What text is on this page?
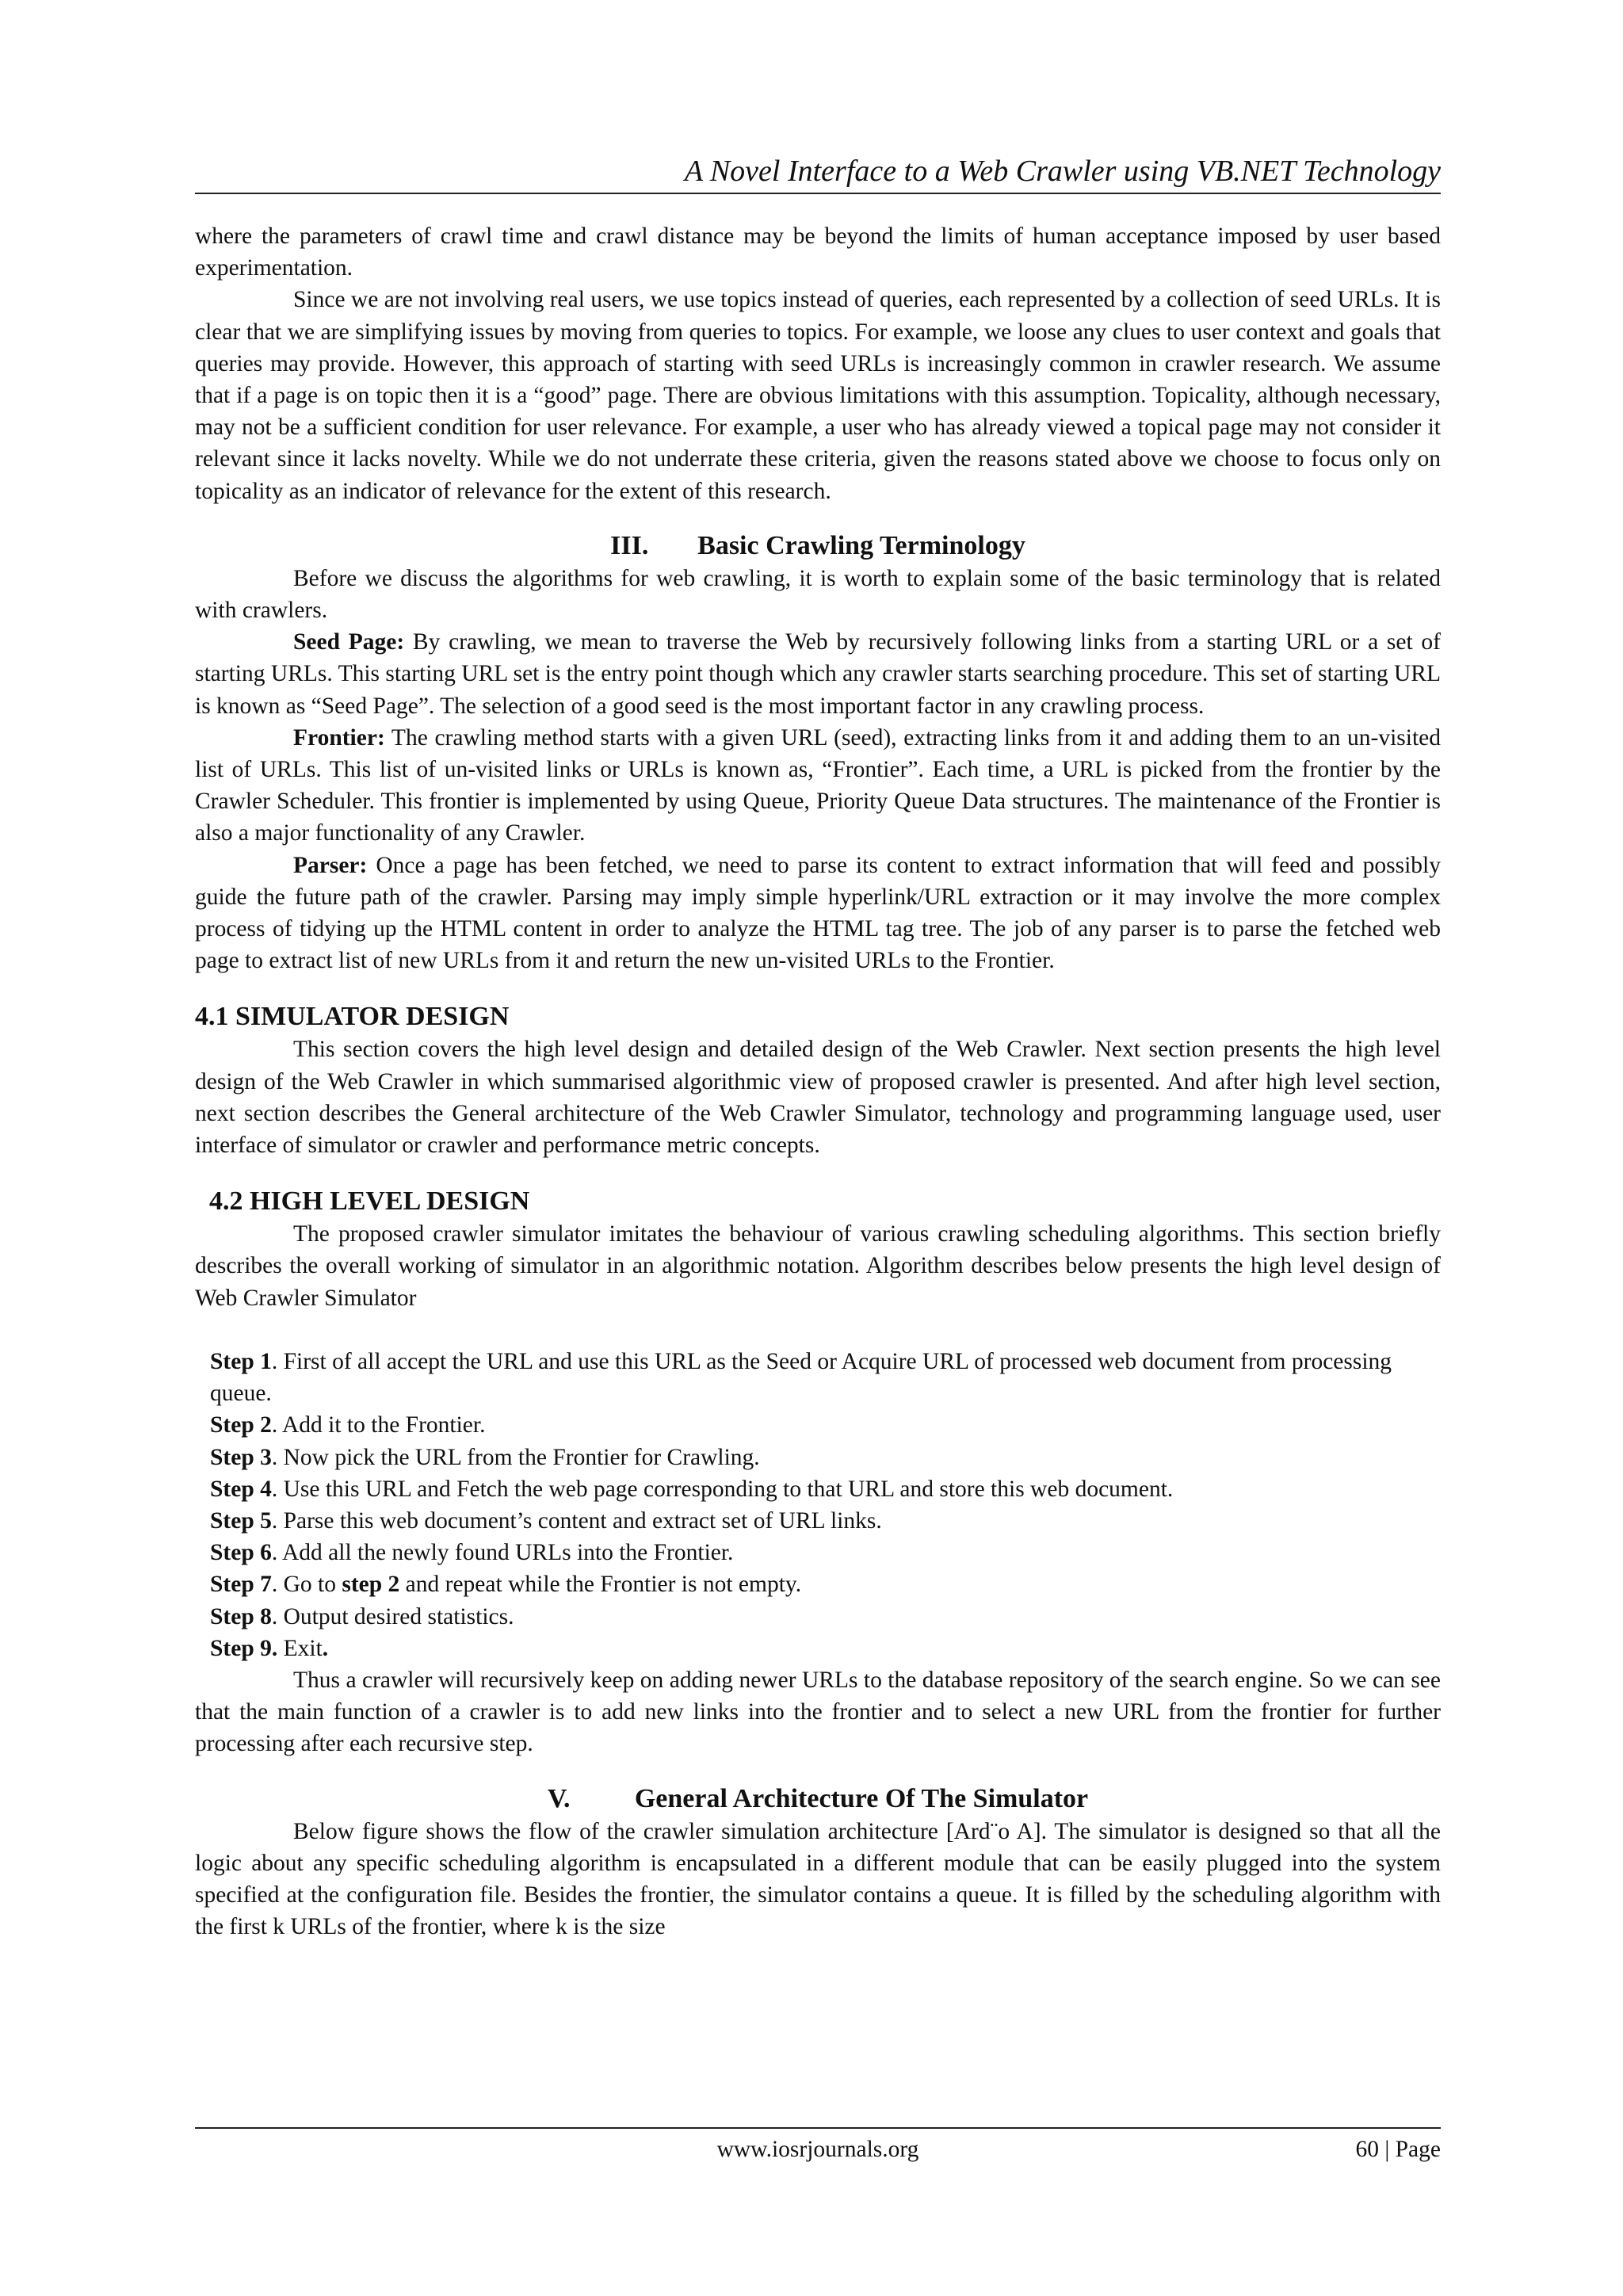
A Novel Interface to a Web Crawler using VB.NET Technology

where the parameters of crawl time and crawl distance may be beyond the limits of human acceptance imposed by user based experimentation.

Since we are not involving real users, we use topics instead of queries, each represented by a collection of seed URLs. It is clear that we are simplifying issues by moving from queries to topics. For example, we loose any clues to user context and goals that queries may provide. However, this approach of starting with seed URLs is increasingly common in crawler research. We assume that if a page is on topic then it is a “good” page. There are obvious limitations with this assumption. Topicality, although necessary, may not be a sufficient condition for user relevance. For example, a user who has already viewed a topical page may not consider it relevant since it lacks novelty. While we do not underrate these criteria, given the reasons stated above we choose to focus only on topicality as an indicator of relevance for the extent of this research.

III. Basic Crawling Terminology

Before we discuss the algorithms for web crawling, it is worth to explain some of the basic terminology that is related with crawlers.

Seed Page: By crawling, we mean to traverse the Web by recursively following links from a starting URL or a set of starting URLs. This starting URL set is the entry point though which any crawler starts searching procedure. This set of starting URL is known as “Seed Page”. The selection of a good seed is the most important factor in any crawling process.

Frontier: The crawling method starts with a given URL (seed), extracting links from it and adding them to an un-visited list of URLs. This list of un-visited links or URLs is known as, “Frontier”. Each time, a URL is picked from the frontier by the Crawler Scheduler. This frontier is implemented by using Queue, Priority Queue Data structures. The maintenance of the Frontier is also a major functionality of any Crawler.

Parser: Once a page has been fetched, we need to parse its content to extract information that will feed and possibly guide the future path of the crawler. Parsing may imply simple hyperlink/URL extraction or it may involve the more complex process of tidying up the HTML content in order to analyze the HTML tag tree. The job of any parser is to parse the fetched web page to extract list of new URLs from it and return the new un-visited URLs to the Frontier.

4.1 SIMULATOR DESIGN

This section covers the high level design and detailed design of the Web Crawler. Next section presents the high level design of the Web Crawler in which summarised algorithmic view of proposed crawler is presented. And after high level section, next section describes the General architecture of the Web Crawler Simulator, technology and programming language used, user interface of simulator or crawler and performance metric concepts.

4.2 HIGH LEVEL DESIGN

The proposed crawler simulator imitates the behaviour of various crawling scheduling algorithms. This section briefly describes the overall working of simulator in an algorithmic notation. Algorithm describes below presents the high level design of Web Crawler Simulator

Step 1. First of all accept the URL and use this URL as the Seed or Acquire URL of processed web document from processing queue.
Step 2. Add it to the Frontier.
Step 3. Now pick the URL from the Frontier for Crawling.
Step 4. Use this URL and Fetch the web page corresponding to that URL and store this web document.
Step 5. Parse this web document’s content and extract set of URL links.
Step 6. Add all the newly found URLs into the Frontier.
Step 7. Go to step 2 and repeat while the Frontier is not empty.
Step 8. Output desired statistics.
Step 9. Exit.

Thus a crawler will recursively keep on adding newer URLs to the database repository of the search engine. So we can see that the main function of a crawler is to add new links into the frontier and to select a new URL from the frontier for further processing after each recursive step.

V. General Architecture Of The Simulator

Below figure shows the flow of the crawler simulation architecture [Ard¨o A]. The simulator is designed so that all the logic about any specific scheduling algorithm is encapsulated in a different module that can be easily plugged into the system specified at the configuration file. Besides the frontier, the simulator contains a queue. It is filled by the scheduling algorithm with the first k URLs of the frontier, where k is the size

www.iosrjournals.org	60 | Page
